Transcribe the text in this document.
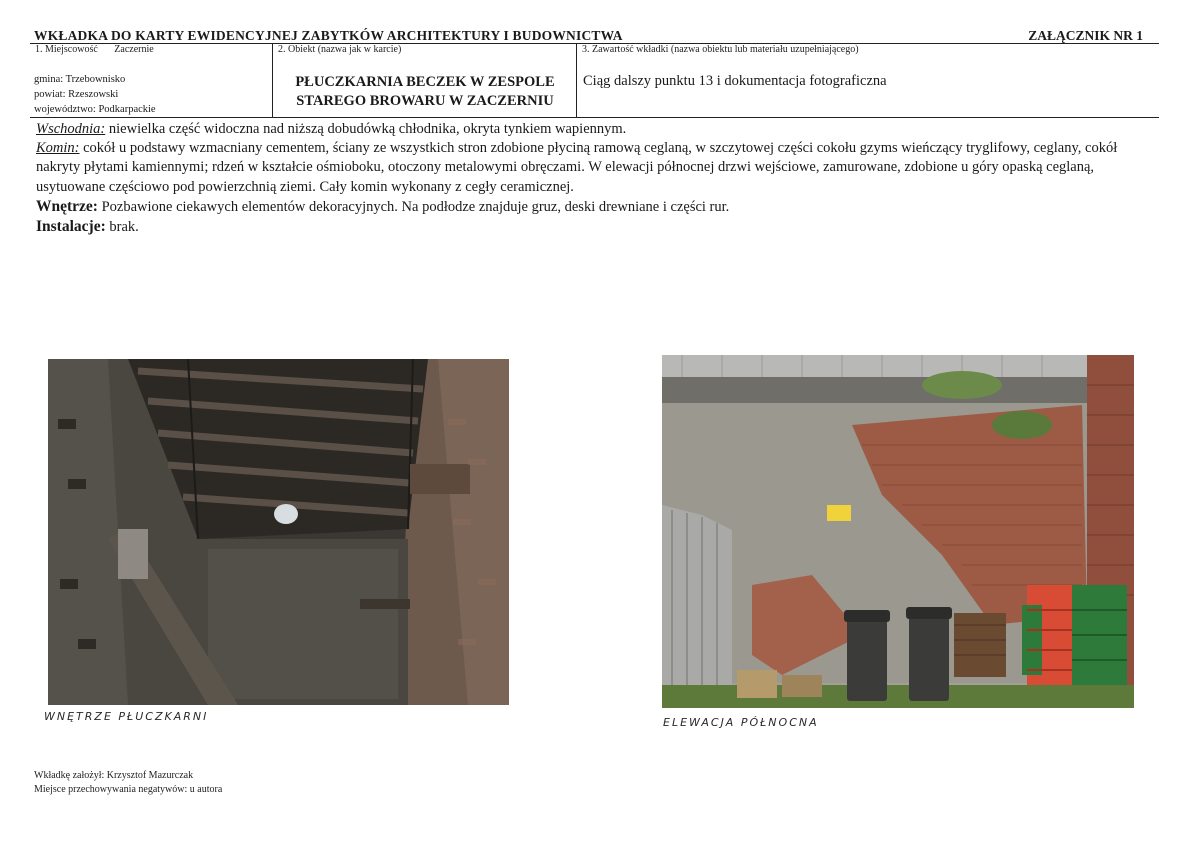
WKŁADKA DO KARTY EWIDENCYJNEJ ZABYTKÓW ARCHITEKTURY I BUDOWNICTWA	ZAŁĄCZNIK NR 1
1. Miejscowość Zaczernie
gmina: Trzebownisko
powiat: Rzeszowski
województwo: Podkarpackie
2. Obiekt (nazwa jak w karcie)
PŁUCZKARNIA BECZEK W ZESPOLE
STAREGO BROWARU W ZACZERNIU
3. Zawartość wkładki (nazwa obiektu lub materiału uzupełniającego)
Ciąg dalszy punktu 13 i dokumentacja fotograficzna

Wschodnia: niewielka część widoczna nad niższą dobudówką chłodnika, okryta tynkiem wapiennym.

Komin: cokół u podstawy wzmacniany cementem, ściany ze wszystkich stron zdobione płyciną ramową ceglaną, w szczytowej części cokołu gzyms wieńczący tryglifowy, ceglany, cokół nakryty płytami kamiennymi; rdzeń w kształcie ośmioboku, otoczony metalowymi obręczami. W elewacji północnej drzwi wejściowe, zamurowane, zdobione u góry opaską ceglaną, usytuowane częściowo pod powierzchnią ziemi. Cały komin wykonany z cegły ceramicznej.

Wnętrze: Pozbawione ciekawych elementów dekoracyjnych. Na podłodze znajduje gruz, deski drewniane i części rur.

Instalacje: brak.

WNĘTRZE PŁUCZKARNI	ELEWACJA PÓŁNOCNA
Wkładkę założył: Krzysztof Mazurczak
Miejsce przechowywania negatywów: u autora
